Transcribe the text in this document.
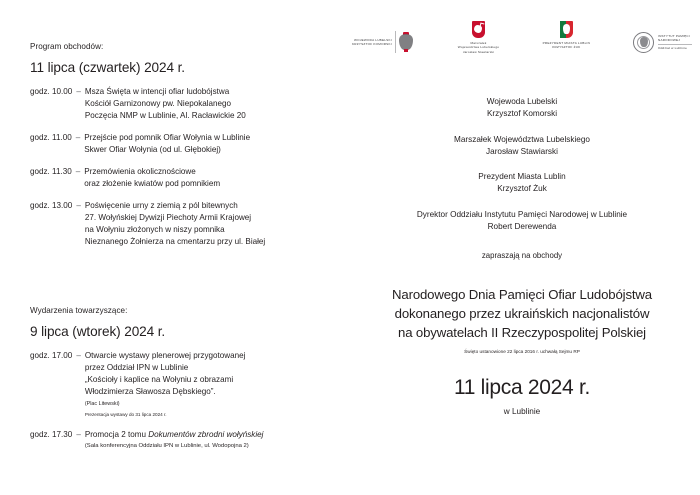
WOJEWODA LUBELSKI
KRZYSZTOF KOMORSKI	Marszałek
Województwa Lubelskiego
Jarosław Stawiarski
PREZYDENT MIASTA LUBLIN
KRZYSZTOF ŻUK
INSTYTUT PAMIĘCI
NARODOWEJ
Oddział w Lublinie

Program obchodów:

11 lipca (czwartek) 2024 r.

godz. 10.00 – Msza Święta w intencji ofiar ludobójstwa
Kościół Garnizonowy pw. Niepokalanego
Poczęcia NMP w Lublinie, Al. Racławickie 20
godz. 11.00 – Przejście pod pomnik Ofiar Wołynia w Lublinie
Skwer Ofiar Wołynia (od ul. Głębokiej)
godz. 11.30 – Przemówienia okolicznościowe
oraz złożenie kwiatów pod pomnikiem
godz. 13.00 – Poświęcenie urny z ziemią z pól bitewnych
27. Wołyńskiej Dywizji Piechoty Armii Krajowej
na Wołyniu złożonych w niszy pomnika
Nieznanego Żołnierza na cmentarzu przy ul. Białej

Wydarzenia towarzyszące:

9 lipca (wtorek) 2024 r.

godz. 17.00 – Otwarcie wystawy plenerowej przygotowanej
przez Oddział IPN w Lublinie
„Kościoły i kaplice na Wołyniu z obrazami
Włodzimierza Sławosza Dębskiego”.
(Plac Litewski)
Prezentacja wystawy do 31 lipca 2024 r.
godz. 17.30 – Promocja 2 tomu Dokumentów zbrodni wołyńskiej
(Sala konferencyjna Oddziału IPN w Lublinie, ul. Wodopojna 2)
Wojewoda Lubelski
Krzysztof Komorski
Marszałek Województwa Lubelskiego
Jarosław Stawiarski
Prezydent Miasta Lublin
Krzysztof Żuk
Dyrektor Oddziału Instytutu Pamięci Narodowej w Lublinie
Robert Derewenda
zapraszają na obchody
Narodowego Dnia Pamięci Ofiar Ludobójstwa
dokonanego przez ukraińskich nacjonalistów
na obywatelach II Rzeczypospolitej Polskiej
Święto ustanowione 22 lipca 2016 r. uchwałą Sejmu RP
11 lipca 2024 r.
w Lublinie
